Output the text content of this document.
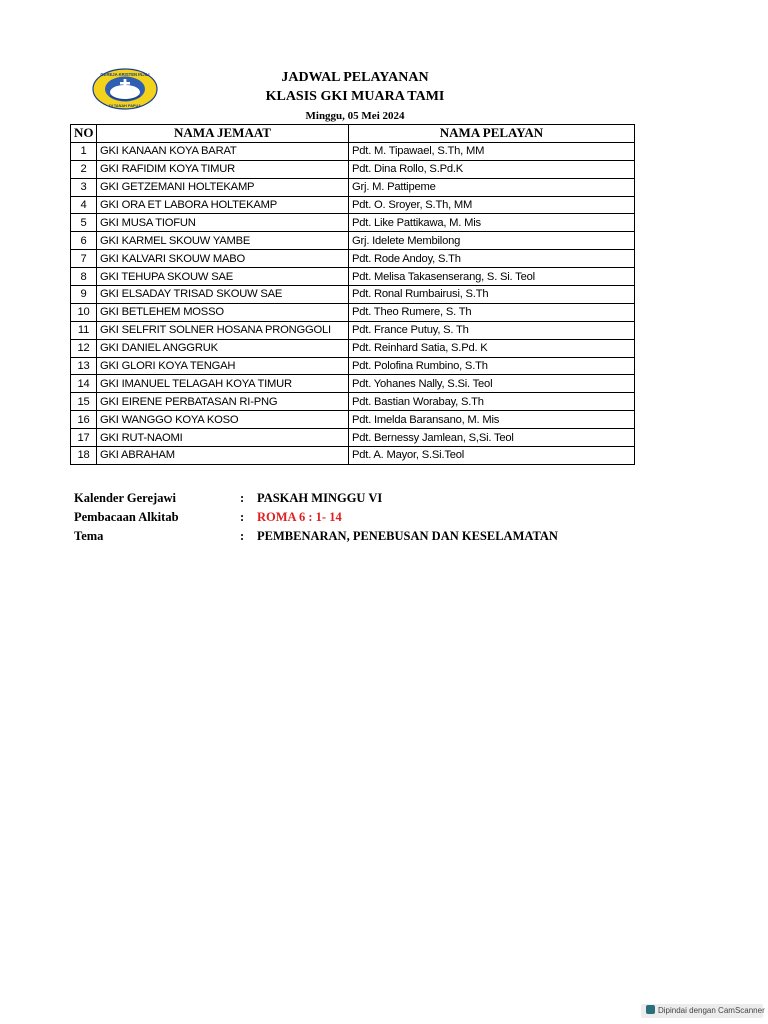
GEREJA KRISTEN INJILI
DI TANAH PAPUA
JADWAL PELAYANAN
KLASIS GKI MUARA TAMI
Minggu, 05 Mei 2024
NO	NAMA JEMAAT	NAMA PELAYAN
1	GKI KANAAN KOYA BARAT	Pdt. M. Tipawael, S.Th, MM
2	GKI RAFIDIM KOYA TIMUR	Pdt. Dina Rollo, S.Pd.K
3	GKI GETZEMANI HOLTEKAMP	Grj. M. Pattipeme
4	GKI ORA ET LABORA HOLTEKAMP	Pdt. O. Sroyer, S.Th, MM
5	GKI MUSA TIOFUN	Pdt. Like Pattikawa, M. Mis
6	GKI KARMEL SKOUW YAMBE	Grj. Idelete Membilong
7	GKI KALVARI SKOUW MABO	Pdt. Rode Andoy, S.Th
8	GKI TEHUPA SKOUW SAE	Pdt. Melisa Takasenserang, S. Si. Teol
9	GKI ELSADAY TRISAD SKOUW SAE	Pdt. Ronal Rumbairusi, S.Th
10	GKI BETLEHEM MOSSO	Pdt. Theo Rumere, S. Th
11	GKI SELFRIT SOLNER HOSANA PRONGGOLI	Pdt. France Putuy, S. Th
12	GKI DANIEL ANGGRUK	Pdt. Reinhard Satia, S.Pd. K
13	GKI GLORI KOYA TENGAH	Pdt. Polofina Rumbino, S.Th
14	GKI IMANUEL TELAGAH KOYA TIMUR	Pdt. Yohanes Nally, S.Si. Teol
15	GKI EIRENE PERBATASAN RI-PNG	Pdt. Bastian Worabay, S.Th
16	GKI WANGGO KOYA KOSO	Pdt. Imelda Baransano, M. Mis
17	GKI RUT-NAOMI	Pdt. Bernessy Jamlean, S,Si. Teol
18	GKI ABRAHAM	Pdt. A. Mayor, S.Si.Teol
Kalender Gerejawi	: PASKAH MINGGU VI
Pembacaan Alkitab	: ROMA 6 : 1- 14
Tema	: PEMBENARAN, PENEBUSAN DAN KESELAMATAN
Dipindai dengan CamScanner
